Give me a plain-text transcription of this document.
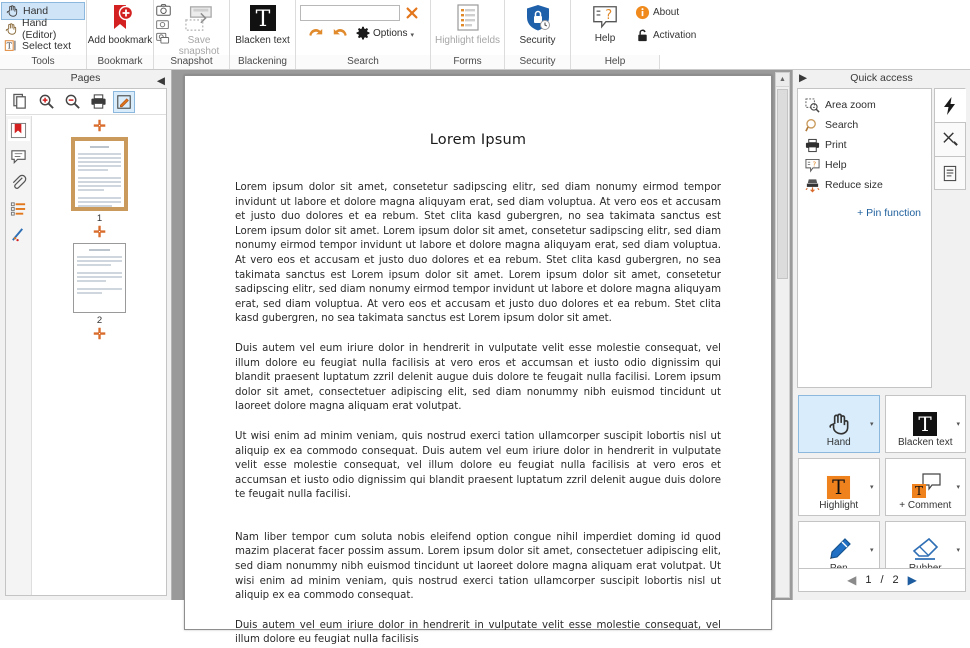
Hand
Hand (Editor)
T Select text Add bookmark	Save snapshot
T
Blacken text
Options ▾ Highlight fields Security
?
Help
About
Activation
Tools	Bookmark	Snapshot	Blackening	Search	Forms	Security	Help
Pages	◀
✛
1
✛
2
✛
Lorem Ipsum

Lorem ipsum dolor sit amet, consetetur sadipscing elitr, sed diam nonumy eirmod tempor invidunt ut labore et dolore magna aliquyam erat, sed diam voluptua. At vero eos et accusam et justo duo dolores et ea rebum. Stet clita kasd gubergren, no sea takimata sanctus est Lorem ipsum dolor sit amet. Lorem ipsum dolor sit amet, consetetur sadipscing elitr, sed diam nonumy eirmod tempor invidunt ut labore et dolore magna aliquyam erat, sed diam voluptua. At vero eos et accusam et justo duo dolores et ea rebum. Stet clita kasd gubergren, no sea takimata sanctus est Lorem ipsum dolor sit amet. Lorem ipsum dolor sit amet, consetetur sadipscing elitr, sed diam nonumy eirmod tempor invidunt ut labore et dolore magna aliquyam erat, sed diam voluptua. At vero eos et accusam et justo duo dolores et ea rebum. Stet clita kasd gubergren, no sea takimata sanctus est Lorem ipsum dolor sit amet.

Duis autem vel eum iriure dolor in hendrerit in vulputate velit esse molestie consequat, vel illum dolore eu feugiat nulla facilisis at vero eros et accumsan et iusto odio dignissim qui blandit praesent luptatum zzril delenit augue duis dolore te feugait nulla facilisi. Lorem ipsum dolor sit amet, consectetuer adipiscing elit, sed diam nonummy nibh euismod tincidunt ut laoreet dolore magna aliquam erat volutpat.

Ut wisi enim ad minim veniam, quis nostrud exerci tation ullamcorper suscipit lobortis nisl ut aliquip ex ea commodo consequat. Duis autem vel eum iriure dolor in hendrerit in vulputate velit esse molestie consequat, vel illum dolore eu feugiat nulla facilisis at vero eros et accumsan et iusto odio dignissim qui blandit praesent luptatum zzril delenit augue duis dolore te feugait nulla facilisi.

Nam liber tempor cum soluta nobis eleifend option congue nihil imperdiet doming id quod mazim placerat facer possim assum. Lorem ipsum dolor sit amet, consectetuer adipiscing elit, sed diam nonummy nibh euismod tincidunt ut laoreet dolore magna aliquam erat volutpat. Ut wisi enim ad minim veniam, quis nostrud exerci tation ullamcorper suscipit lobortis nisl ut aliquip ex ea commodo consequat.

Duis autem vel eum iriure dolor in hendrerit in vulputate velit esse molestie consequat, vel illum dolore eu feugiat nulla facilisis

▲ ▶	Quick access
Area zoom
Search
Print
? Help
Reduce size
+ Pin function
▾
Hand
T	▾
Blacken text
T	▾
Highlight
T	▾
+ Comment
▾	▾
◀ 1 / 2 ▶
